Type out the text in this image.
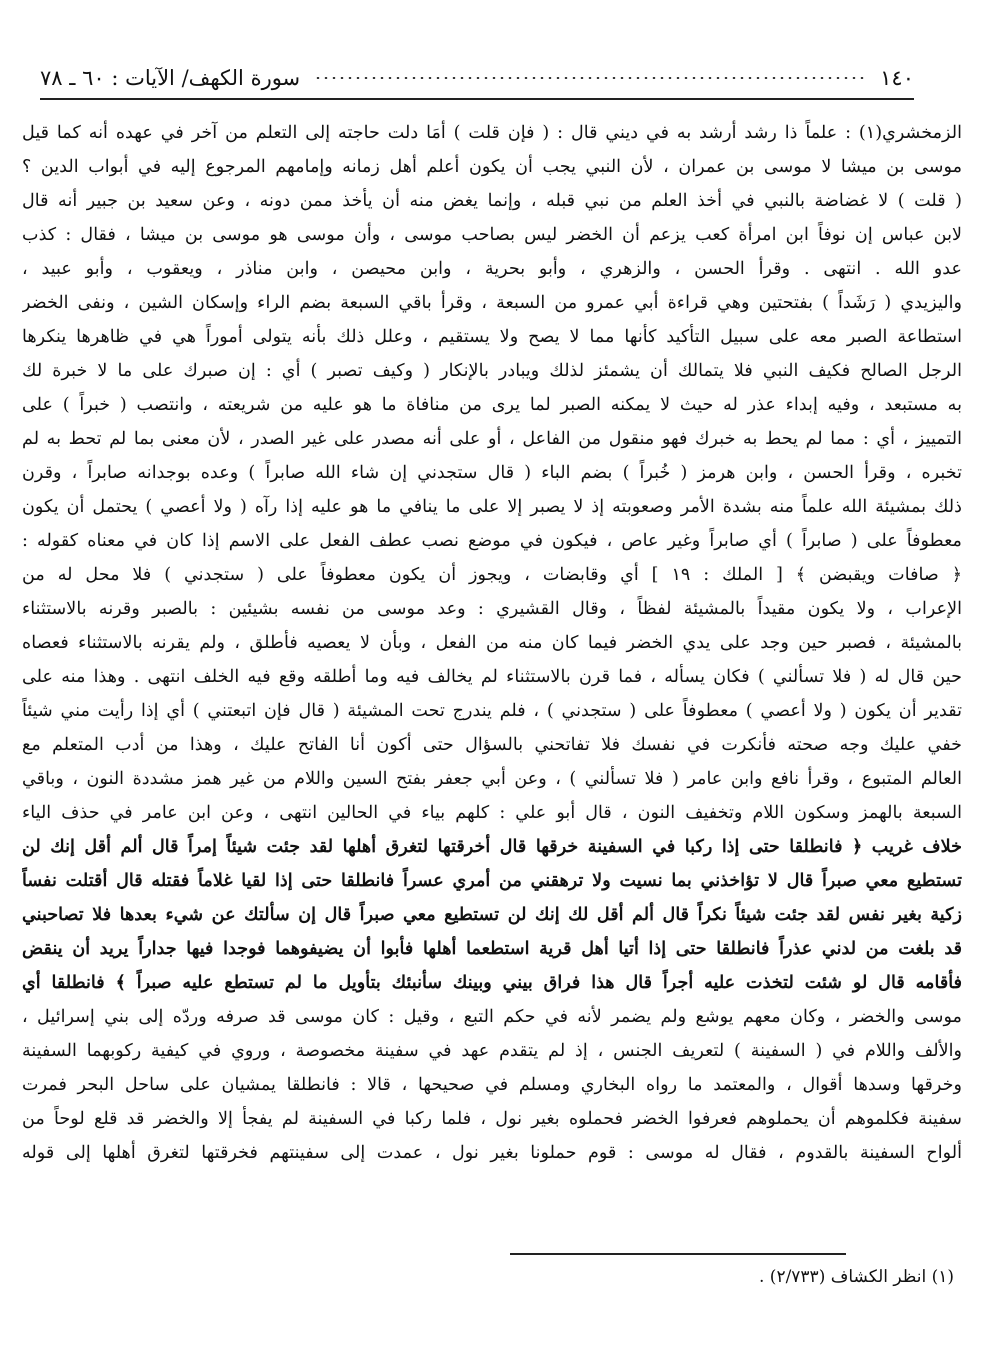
١٤٠
سورة الكهف/ الآيات : ٦٠ ـ ٧٨
الزمخشري(١) : علماً ذا رشد أرشد به في ديني قال : ( فإن قلت ) أمَا دلت حاجته إلى التعلم من آخر في عهده أنه كما قيل
موسى بن ميشا لا موسى بن عمران ، لأن النبي يجب أن يكون أعلم أهل زمانه وإمامهم المرجوع إليه في أبواب الدين ؟
( قلت ) لا غضاضة بالنبي في أخذ العلم من نبي قبله ، وإنما يغض منه أن يأخذ ممن دونه ، وعن سعيد بن جبير أنه قال
لابن عباس إن نوفاً ابن امرأة كعب يزعم أن الخضر ليس بصاحب موسى ، وأن موسى هو موسى بن ميشا ، فقال : كذب
عدو الله . انتهى . وقرأ الحسن ، والزهري ، وأبو بحرية ، وابن محيصن ، وابن مناذر ، ويعقوب ، وأبو عبيد ،
واليزيدي ( رَشَداً ) بفتحتين وهي قراءة أبي عمرو من السبعة ، وقرأ باقي السبعة بضم الراء وإسكان الشين ، ونفى الخضر
استطاعة الصبر معه على سبيل التأكيد كأنها مما لا يصح ولا يستقيم ، وعلل ذلك بأنه يتولى أموراً هي في ظاهرها ينكرها
الرجل الصالح فكيف النبي فلا يتمالك أن يشمئز لذلك ويبادر بالإنكار ( وكيف تصبر ) أي : إن صبرك على ما لا خبرة لك
به مستبعد ، وفيه إبداء عذر له حيث لا يمكنه الصبر لما يرى من منافاة ما هو عليه من شريعته ، وانتصب ( خبراً ) على
التمييز ، أي : مما لم يحط به خبرك فهو منقول من الفاعل ، أو على أنه مصدر على غير الصدر ، لأن معنى بما لم تحط به لم
تخبره ، وقرأ الحسن ، وابن هرمز ( خُبراً ) بضم الباء ( قال ستجدني إن شاء الله صابراً ) وعده بوجدانه صابراً ، وقرن
ذلك بمشيئة الله علماً منه بشدة الأمر وصعوبته إذ لا يصبر إلا على ما ينافي ما هو عليه إذا رآه ( ولا أعصي ) يحتمل أن يكون
معطوفاً على ( صابراً ) أي صابراً وغير عاص ، فيكون في موضع نصب عطف الفعل على الاسم إذا كان في معناه كقوله :
﴿ صافات ويقبضن ﴾ [ الملك : ١٩ ] أي وقابضات ، ويجوز أن يكون معطوفاً على ( ستجدني ) فلا محل له من
الإعراب ، ولا يكون مقيداً بالمشيئة لفظاً ، وقال القشيري : وعد موسى من نفسه بشيئين : بالصبر وقرنه بالاستثناء
بالمشيئة ، فصبر حين وجد على يدي الخضر فيما كان منه من الفعل ، وبأن لا يعصيه فأطلق ، ولم يقرنه بالاستثناء فعصاه
حين قال له ( فلا تسألني ) فكان يسأله ، فما قرن بالاستثناء لم يخالف فيه وما أطلقه وقع فيه الخلف انتهى . وهذا منه على
تقدير أن يكون ( ولا أعصي ) معطوفاً على ( ستجدني ) ، فلم يندرج تحت المشيئة ( قال فإن اتبعتني ) أي إذا رأيت مني شيئاً
خفي عليك وجه صحته فأنكرت في نفسك فلا تفاتحني بالسؤال حتى أكون أنا الفاتح عليك ، وهذا من أدب المتعلم مع
العالم المتبوع ، وقرأ نافع وابن عامر ( فلا تسألني ) ، وعن أبي جعفر بفتح السين واللام من غير همز مشددة النون ، وباقي
السبعة بالهمز وسكون اللام وتخفيف النون ، قال أبو علي : كلهم بياء في الحالين انتهى ، وعن ابن عامر في حذف الياء
خلاف غريب ﴿ فانطلقا حتى إذا ركبا في السفينة خرقها قال أخرقتها لتغرق أهلها لقد جئت شيئاً إمراً قال ألم أقل إنك لن
تستطيع معي صبراً قال لا تؤاخذني بما نسيت ولا ترهقني من أمري عسراً فانطلقا حتى إذا لقيا غلاماً فقتله قال أقتلت نفساً
زكية بغير نفس لقد جئت شيئاً نكراً قال ألم أقل لك إنك لن تستطيع معي صبراً قال إن سألتك عن شيء بعدها فلا تصاحبني
قد بلغت من لدني عذراً فانطلقا حتى إذا أتيا أهل قرية استطعما أهلها فأبوا أن يضيفوهما فوجدا فيها جداراً يريد أن ينقض
فأقامه قال لو شئت لتخذت عليه أجراً قال هذا فراق بيني وبينك سأنبئك بتأويل ما لم تستطع عليه صبراً ﴾ فانطلقا أي
موسى والخضر ، وكان معهم يوشع ولم يضمر لأنه في حكم التبع ، وقيل : كان موسى قد صرفه وردّه إلى بني إسرائيل ،
والألف واللام في ( السفينة ) لتعريف الجنس ، إذ لم يتقدم عهد في سفينة مخصوصة ، وروي في كيفية ركوبهما السفينة
وخرقها وسدها أقوال ، والمعتمد ما رواه البخاري ومسلم في صحيحها ، قالا : فانطلقا يمشيان على ساحل البحر فمرت
سفينة فكلموهم أن يحملوهم فعرفوا الخضر فحملوه بغير نول ، فلما ركبا في السفينة لم يفجأ إلا والخضر قد قلع لوحاً من
ألواح السفينة بالقدوم ، فقال له موسى : قوم حملونا بغير نول ، عمدت إلى سفينتهم فخرقتها لتغرق أهلها إلى قوله
(١) انظر الكشاف (٢/٧٣٣) .
